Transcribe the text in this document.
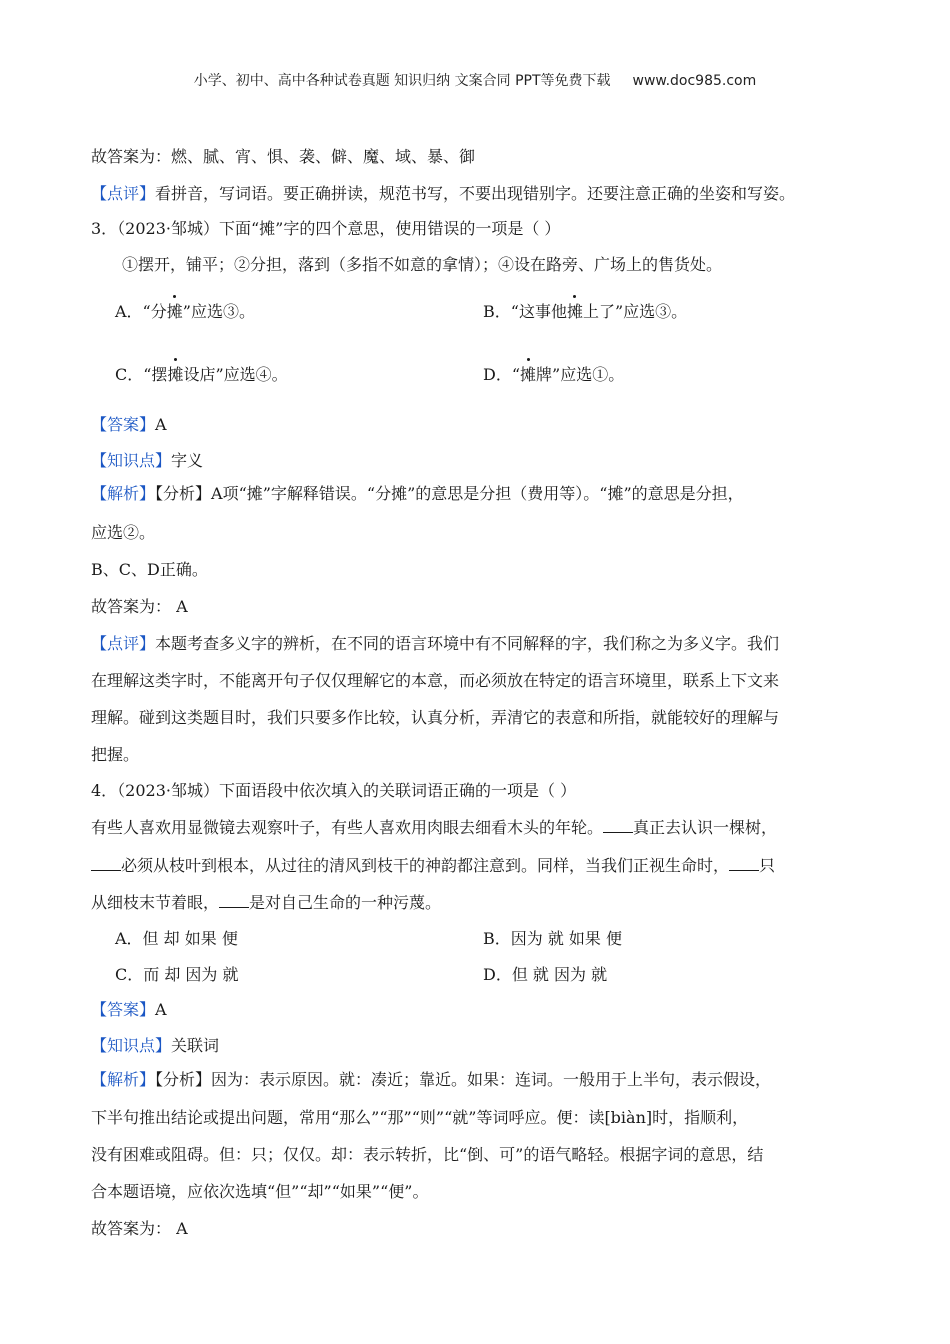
小学、初中、高中各种试卷真题 知识归纳 文案合同 PPT等免费下载 www.doc985.com
故答案为：燃、腻、宵、惧、袭、僻、魔、域、暴、御
【点评】看拼音，写词语。要正确拼读，规范书写，不要出现错别字。还要注意正确的坐姿和写姿。
3．（2023·邹城）下面“摊”字的四个意思，使用错误的一项是（ ）
①摆开，铺平；②分担，落到（多指不如意的拿情）；④设在路旁、广场上的售货处。
A．“分摊”应选③。	B．“这事他摊上了”应选③。
C．“摆摊设店”应选④。	D．“摊牌”应选①。
【答案】A
【知识点】字义
【解析】【分析】A项“摊”字解释错误。“分摊”的意思是分担（费用等）。“摊”的意思是分担，
应选②。
B、C、D正确。
故答案为： A
【点评】本题考查多义字的辨析，在不同的语言环境中有不同解释的字，我们称之为多义字。我们
在理解这类字时，不能离开句子仅仅理解它的本意，而必须放在特定的语言环境里，联系上下文来
理解。碰到这类题目时，我们只要多作比较，认真分析，弄清它的表意和所指，就能较好的理解与
把握。
4．（2023·邹城）下面语段中依次填入的关联词语正确的一项是（ ）
有些人喜欢用显微镜去观察叶子，有些人喜欢用肉眼去细看木头的年轮。 真正去认识一棵树，
必须从枝叶到根本，从过往的清风到枝干的神韵都注意到。同样，当我们正视生命时， 只
从细枝末节着眼， 是对自己生命的一种污蔑。
A．但 却 如果 便	B．因为 就 如果 便
C．而 却 因为 就	D．但 就 因为 就
【答案】A
【知识点】关联词
【解析】【分析】因为：表示原因。就：凑近；靠近。如果：连词。一般用于上半句，表示假设，
下半句推出结论或提出问题，常用“那么”“那”“则”“就”等词呼应。便：读[biàn]时，指顺利，
没有困难或阻碍。但：只；仅仅。却：表示转折，比“倒、可”的语气略轻。根据字词的意思，结
合本题语境，应依次选填“但”“却”“如果”“便”。
故答案为： A
